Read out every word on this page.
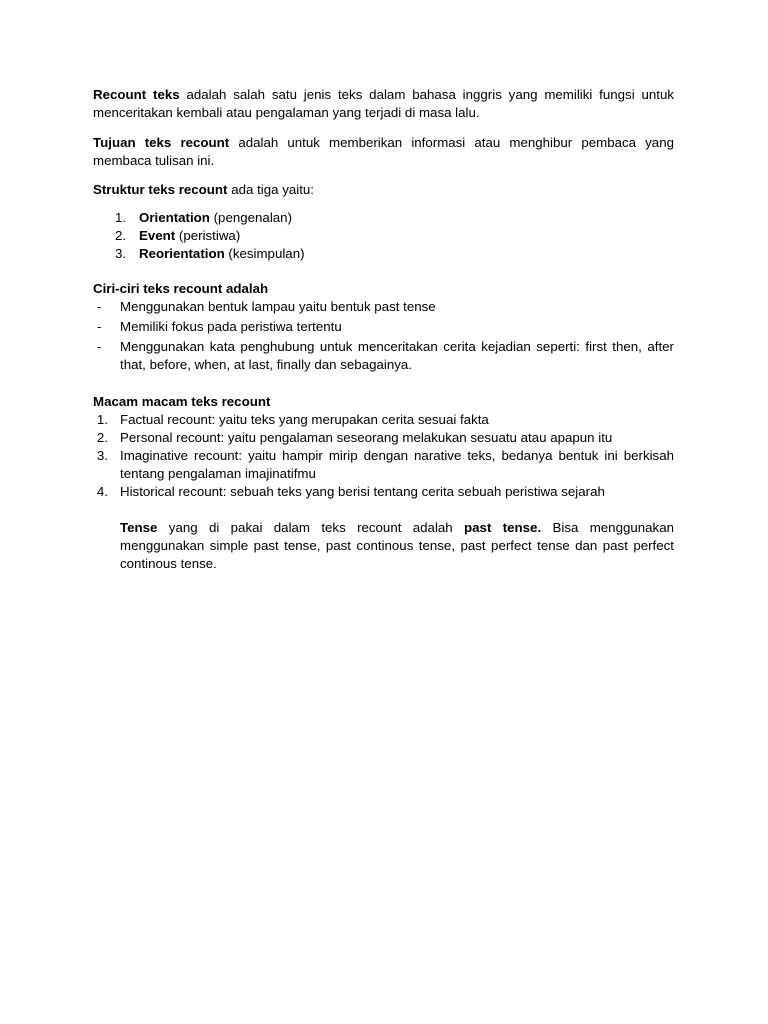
Recount teks adalah salah satu jenis teks dalam bahasa inggris yang memiliki fungsi untuk menceritakan kembali atau pengalaman yang terjadi di masa lalu.

Tujuan teks recount adalah untuk memberikan informasi atau menghibur pembaca yang membaca tulisan ini.

Struktur teks recount ada tiga yaitu:

1. Orientation (pengenalan)
2. Event (peristiwa)
3. Reorientation (kesimpulan)

Ciri-ciri teks recount adalah

- Menggunakan bentuk lampau yaitu bentuk past tense
- Memiliki fokus pada peristiwa tertentu
- Menggunakan kata penghubung untuk menceritakan cerita kejadian seperti: first then, after that, before, when, at last, finally dan sebagainya.

Macam macam teks recount

1. Factual recount: yaitu teks yang merupakan cerita sesuai fakta
2. Personal recount: yaitu pengalaman seseorang melakukan sesuatu atau apapun itu
3. Imaginative recount: yaitu hampir mirip dengan narative teks, bedanya bentuk ini berkisah tentang pengalaman imajinatifmu
4. Historical recount: sebuah teks yang berisi tentang cerita sebuah peristiwa sejarah

Tense yang di pakai dalam teks recount adalah past tense. Bisa menggunakan menggunakan simple past tense, past continous tense, past perfect tense dan past perfect continous tense.
